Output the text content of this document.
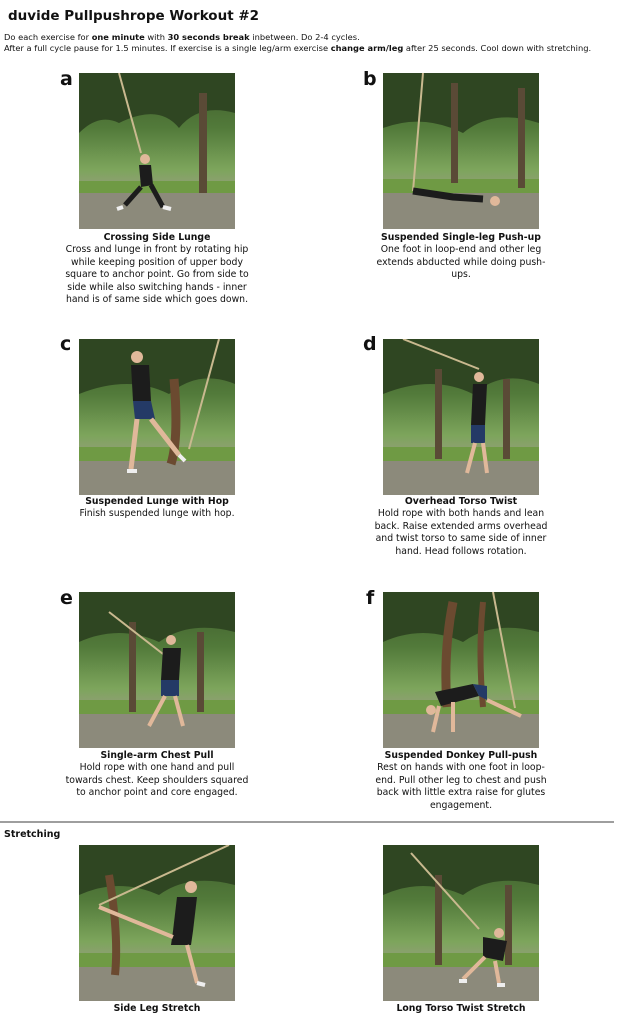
duvide Pullpushrope Workout #2
Do each exercise for one minute with 30 seconds break inbetween. Do 2-4 cycles.
After a full cycle pause for 1.5 minutes. If exercise is a single leg/arm exercise change arm/leg after 25 seconds. Cool down with stretching.
a
Crossing Side Lunge
Cross and lunge in front by rotating hip while keeping position of upper body square to anchor point. Go from side to side while also switching hands - inner hand is of same side which goes down.
b
Suspended Single-leg Push-up
One foot in loop-end and other leg extends abducted while doing push-ups.
c
Suspended Lunge with Hop
Finish suspended lunge with hop.
d
Overhead Torso Twist
Hold rope with both hands and lean back. Raise extended arms overhead and twist torso to same side of inner hand. Head follows rotation.
e
Single-arm Chest Pull
Hold rope with one hand and pull towards chest. Keep shoulders squared to anchor point and core engaged.
f
Suspended Donkey Pull-push
Rest on hands with one foot in loop-end. Pull other leg to chest and push back with little extra raise for glutes engagement.
Stretching
Side Leg Stretch	Long Torso Twist Stretch
